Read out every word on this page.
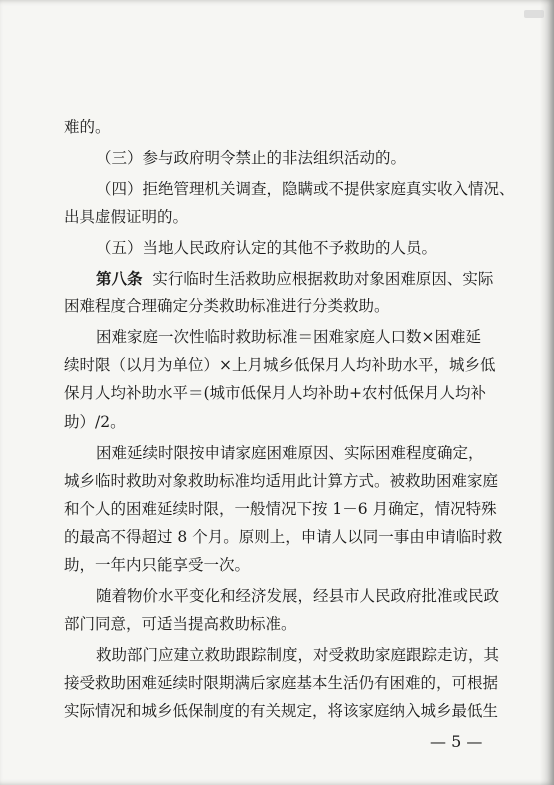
难的。

（三）参与政府明令禁止的非法组织活动的。

（四）拒绝管理机关调查，隐瞒或不提供家庭真实收入情况、

出具虚假证明的。

（五）当地人民政府认定的其他不予救助的人员。

第八条 实行临时生活救助应根据救助对象困难原因、实际

困难程度合理确定分类救助标准进行分类救助。

困难家庭一次性临时救助标准＝困难家庭人口数×困难延

续时限（以月为单位）×上月城乡低保月人均补助水平，城乡低

保月人均补助水平＝(城市低保月人均补助+农村低保月人均补

助）/2。

困难延续时限按申请家庭困难原因、实际困难程度确定，

城乡临时救助对象救助标准均适用此计算方式。被救助困难家庭

和个人的困难延续时限，一般情况下按 1－6 月确定，情况特殊

的最高不得超过 8 个月。原则上，申请人以同一事由申请临时救

助，一年内只能享受一次。

随着物价水平变化和经济发展，经县市人民政府批准或民政

部门同意，可适当提高救助标准。

救助部门应建立救助跟踪制度，对受救助家庭跟踪走访，其

接受救助困难延续时限期满后家庭基本生活仍有困难的，可根据

实际情况和城乡低保制度的有关规定，将该家庭纳入城乡最低生

— 5 —
